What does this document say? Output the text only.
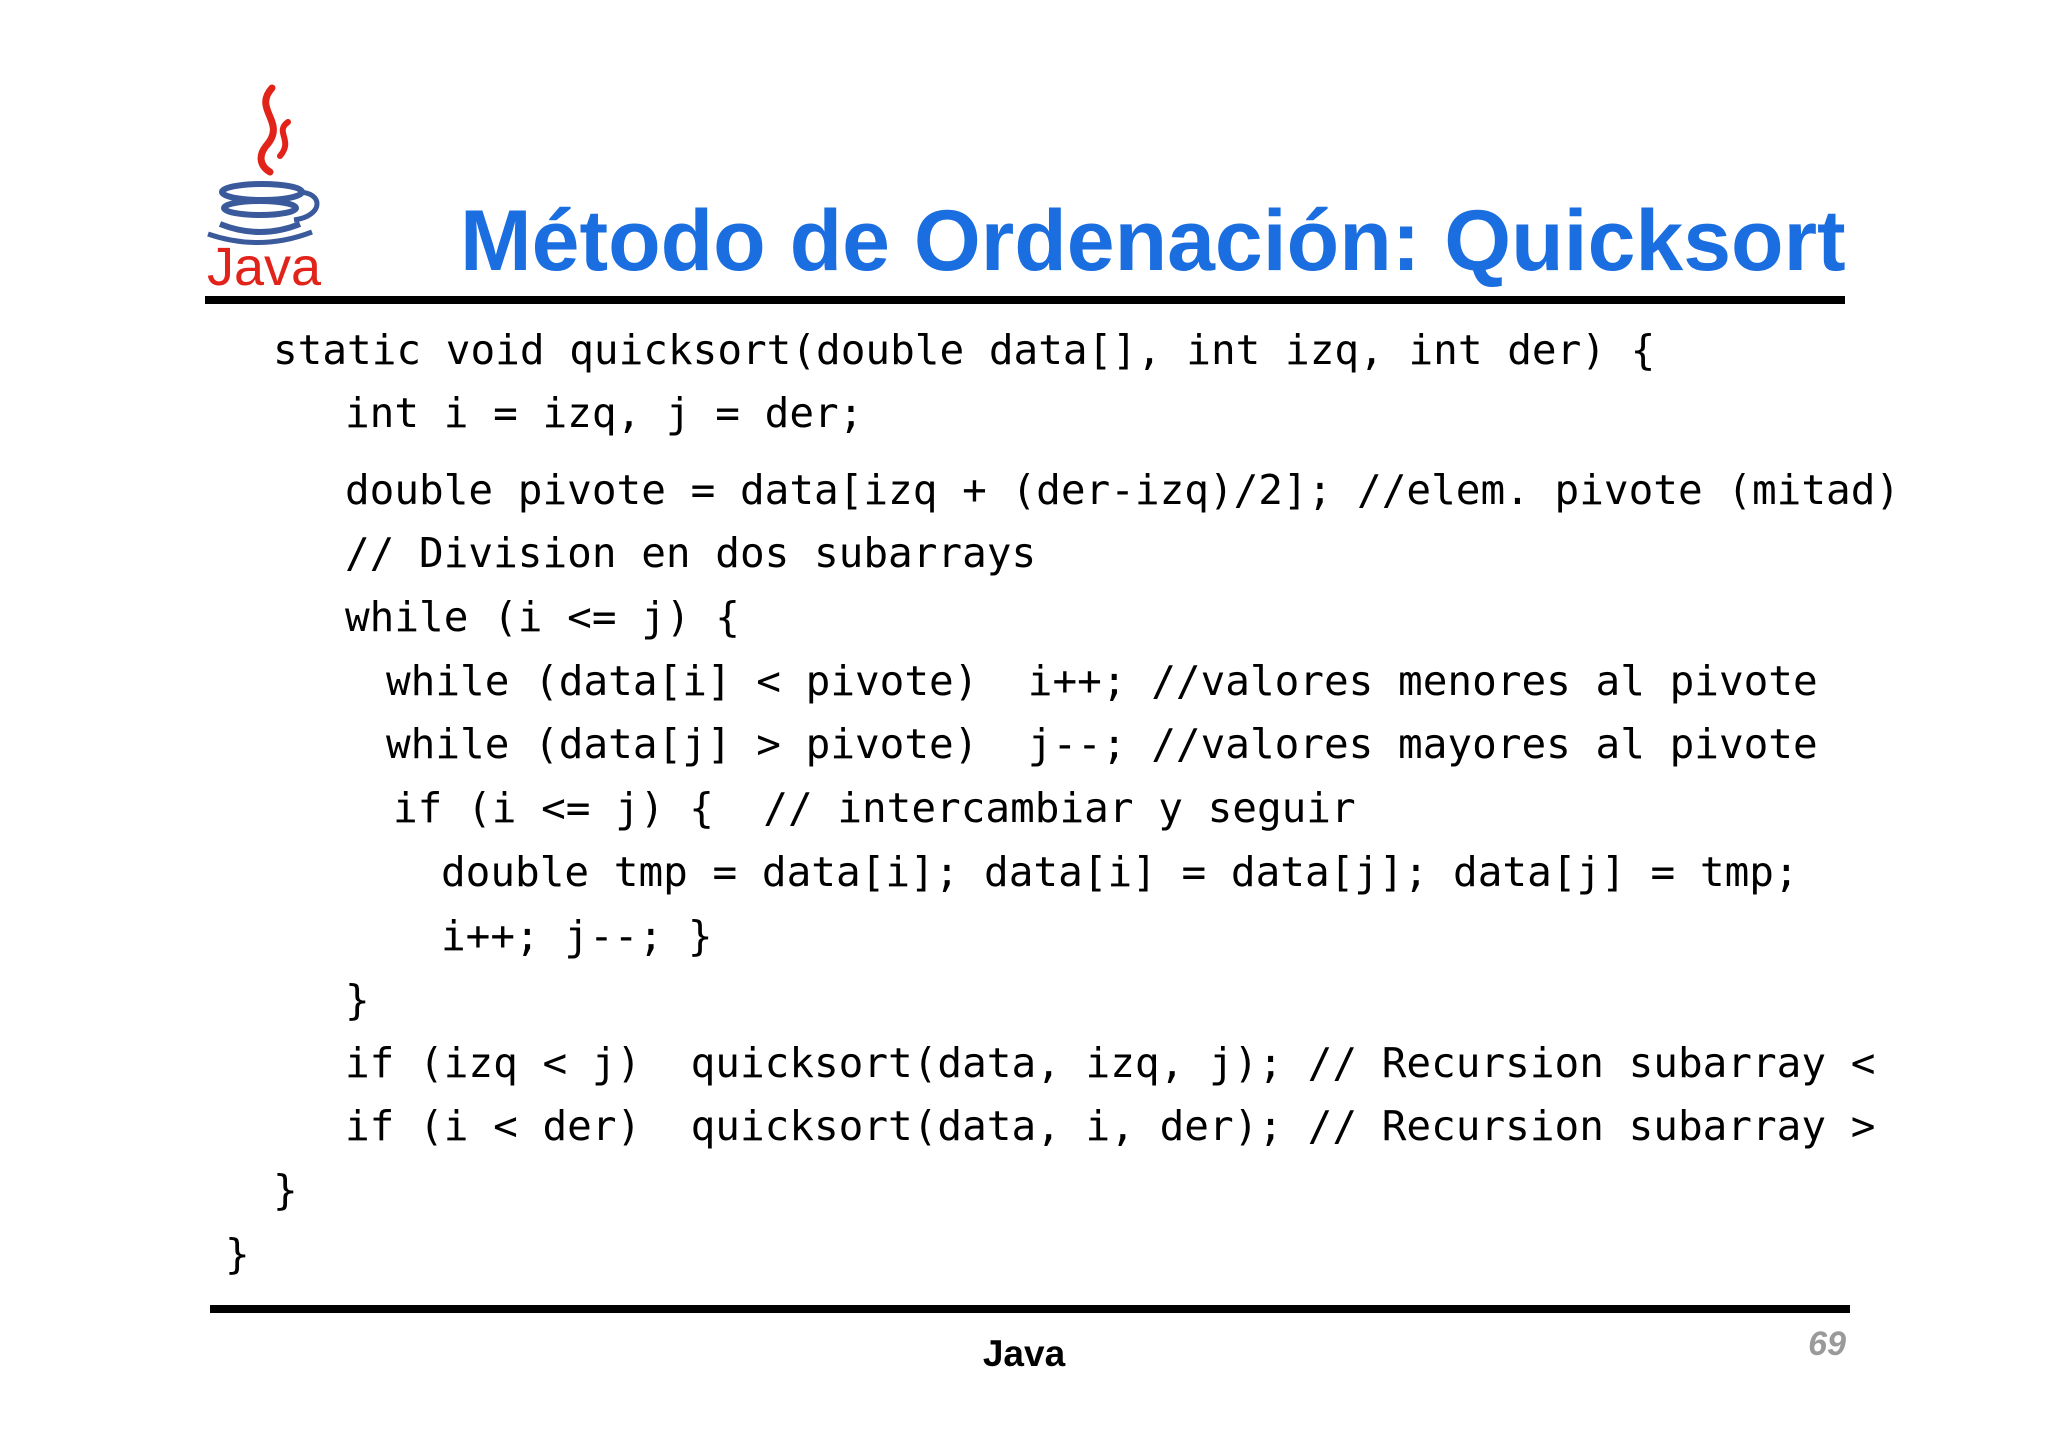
Java Método de Ordenación: Quicksort

static void quicksort(double data[], int izq, int der) {

int i = izq, j = der;

double pivote = data[izq + (der-izq)/2]; //elem. pivote (mitad)

// Division en dos subarrays

while (i <= j) {

while (data[i] < pivote)  i++; //valores menores al pivote

while (data[j] > pivote)  j--; //valores mayores al pivote

if (i <= j) {  // intercambiar y seguir

double tmp = data[i]; data[i] = data[j]; data[j] = tmp;

i++; j--; }

}

if (izq < j)  quicksort(data, izq, j); // Recursion subarray <

if (i < der)  quicksort(data, i, der); // Recursion subarray >

}

}

Java	69
